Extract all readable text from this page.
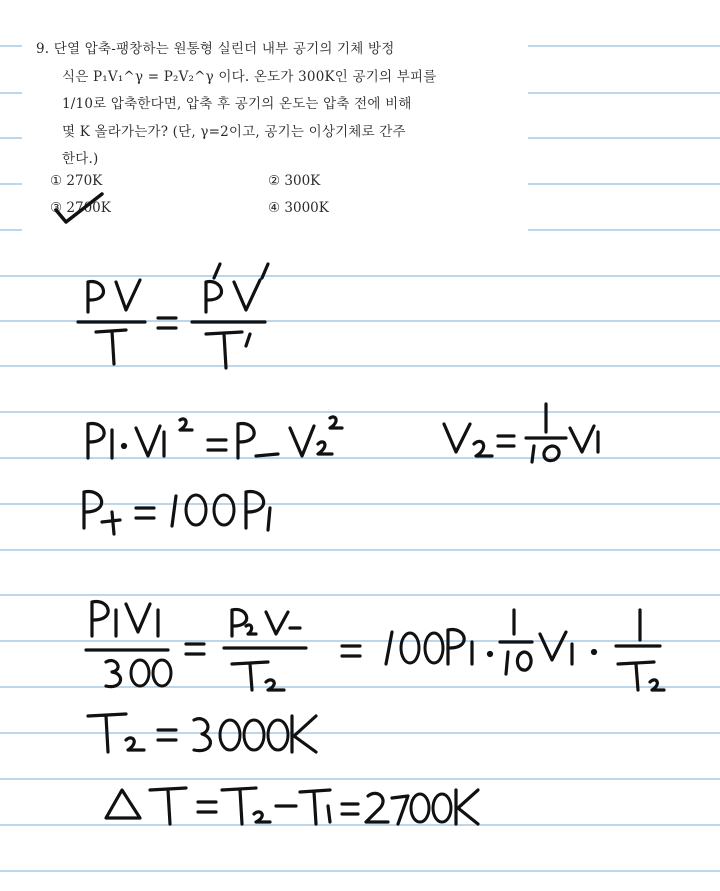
9. 단열 압축-팽창하는 원통형 실린더 내부 공기의 기체 방정
식은 P₁V₁^γ = P₂V₂^γ 이다. 온도가 300K인 공기의 부피를
1/10로 압축한다면, 압축 후 공기의 온도는 압축 전에 비해
몇 K 올라가는가? (단, γ=2이고, 공기는 이상기체로 간주
한다.)
① 270K	② 300K
③ 2700K	④ 3000K
